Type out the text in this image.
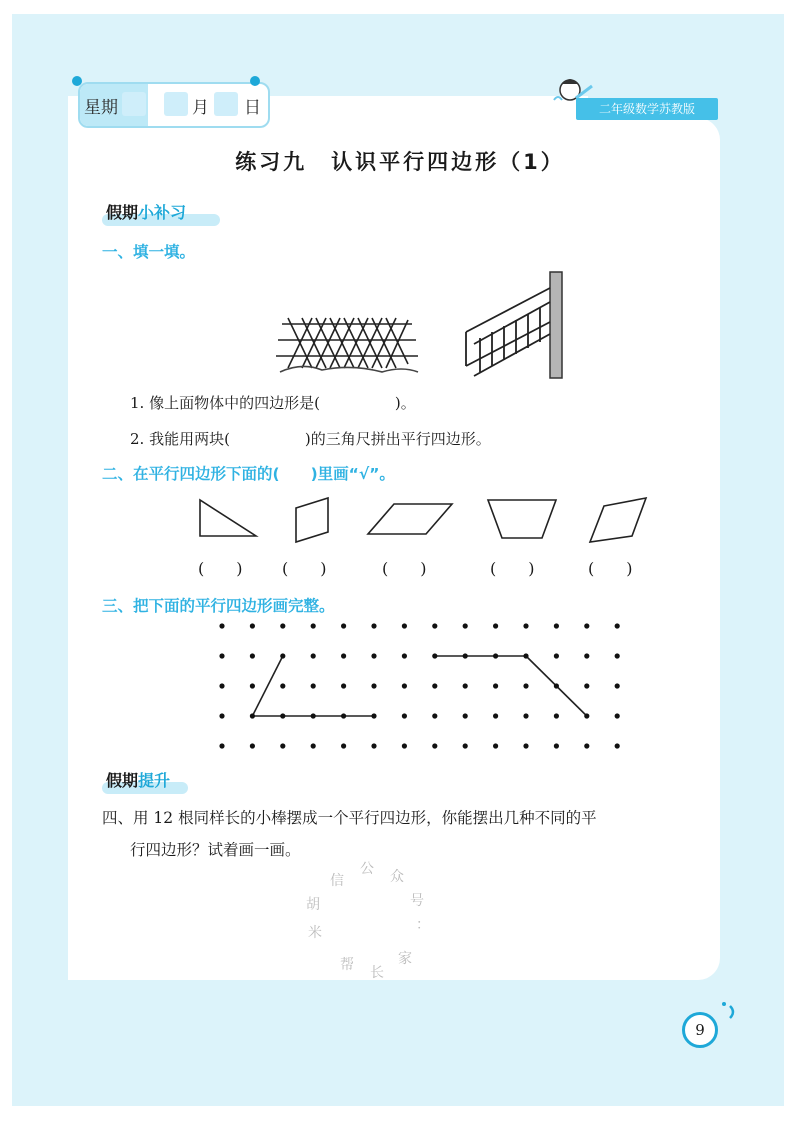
星期	月 日	二年级数学苏教版
练习九　认识平行四边形（1）
假期小补习
一、填一填。
1. 像上面物体中的四边形是(　　　　　)。
2. 我能用两块(　　　　　)的三角尺拼出平行四边形。
二、在平行四边形下面的(　　)里画“√”。
(　　) (　　)	(　　)	(　　)	(　　)
三、把下面的平行四边形画完整。
假期提升
四、用 12 根同样长的小棒摆成一个平行四边形，你能摆出几种不同的平
行四边形？试着画一画。
信
公 众
号
：
家
长
帮
米
胡
9
